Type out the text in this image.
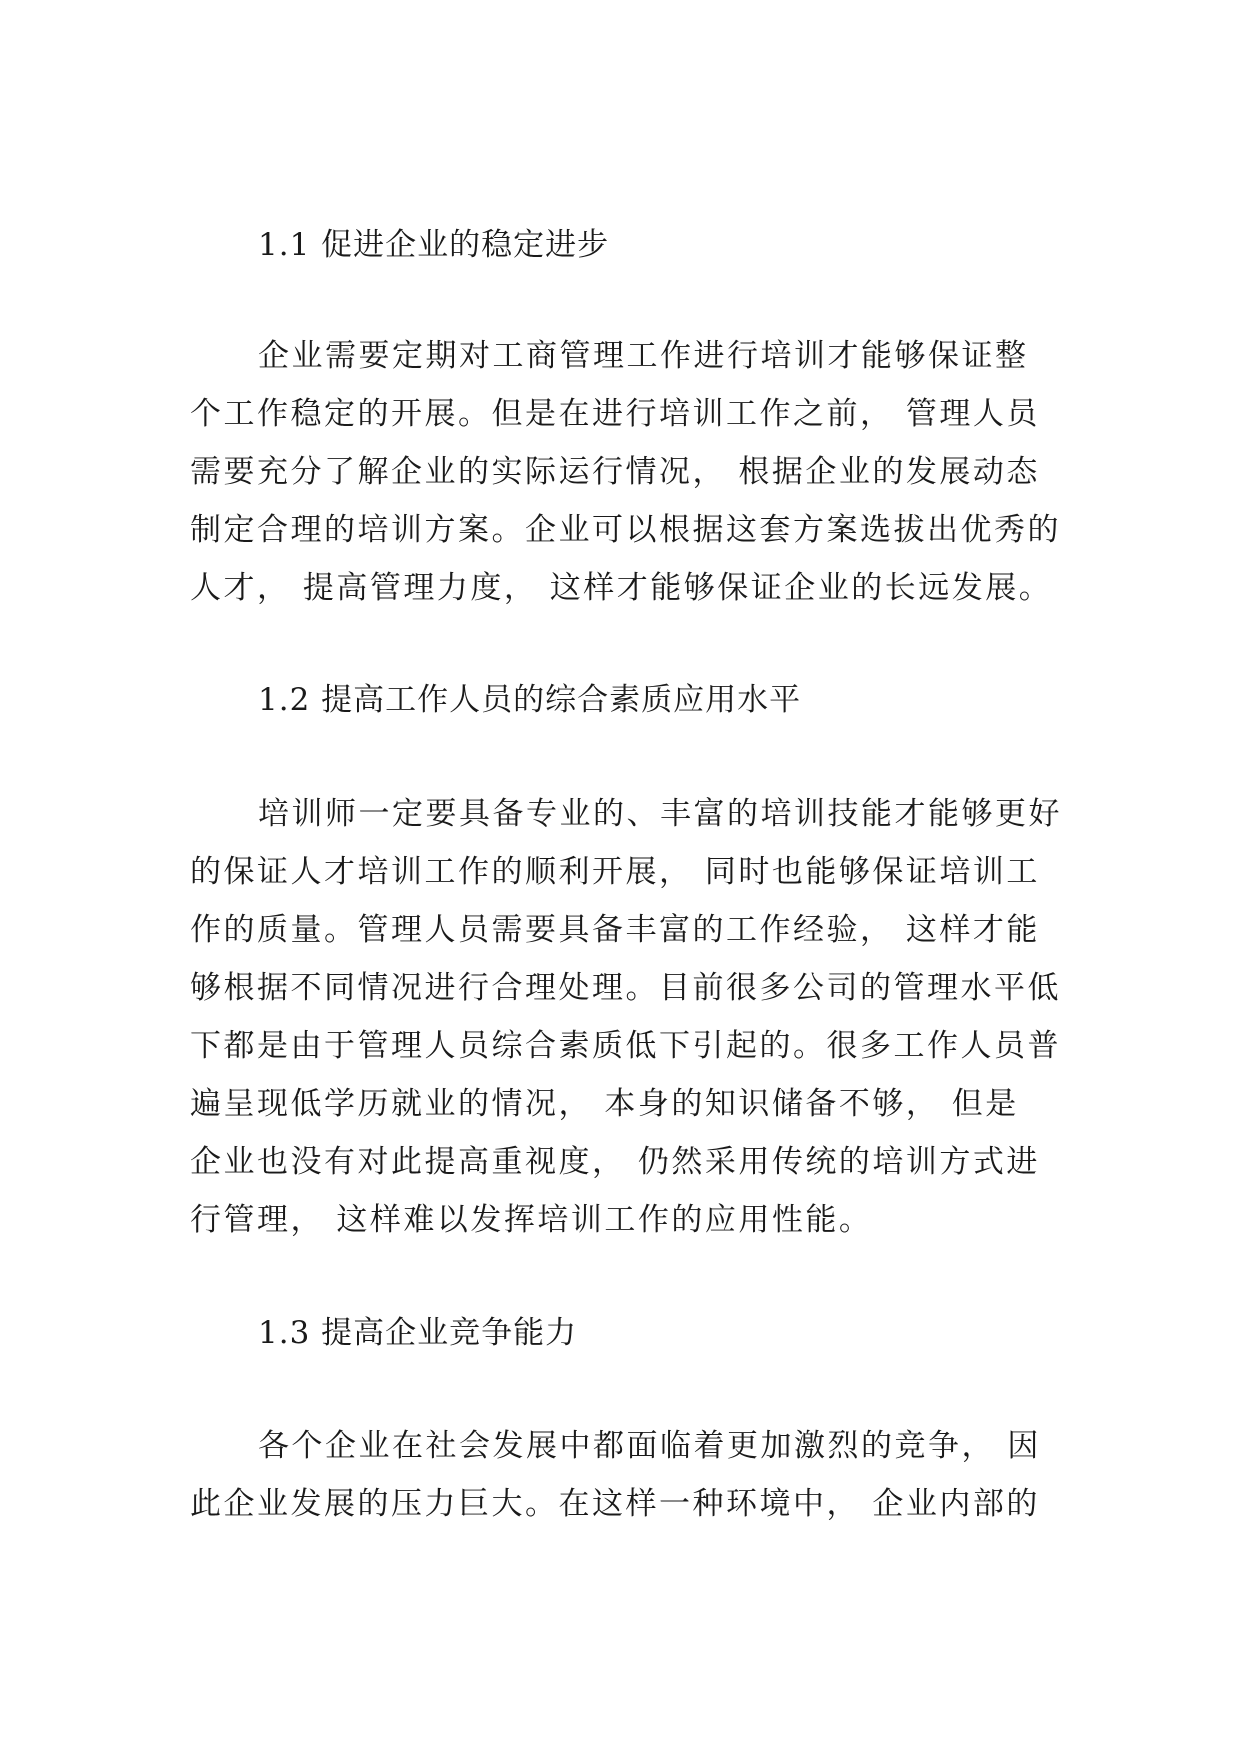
1.1 促进企业的稳定进步
企业需要定期对工商管理工作进行培训才能够保证整
个工作稳定的开展。但是在进行培训工作之前， 管理人员
需要充分了解企业的实际运行情况， 根据企业的发展动态
制定合理的培训方案。企业可以根据这套方案选拔出优秀的
人才， 提高管理力度， 这样才能够保证企业的长远发展。
1.2 提高工作人员的综合素质应用水平
培训师一定要具备专业的、丰富的培训技能才能够更好
的保证人才培训工作的顺利开展， 同时也能够保证培训工
作的质量。管理人员需要具备丰富的工作经验， 这样才能
够根据不同情况进行合理处理。目前很多公司的管理水平低
下都是由于管理人员综合素质低下引起的。很多工作人员普
遍呈现低学历就业的情况， 本身的知识储备不够， 但是
企业也没有对此提高重视度， 仍然采用传统的培训方式进
行管理， 这样难以发挥培训工作的应用性能。
1.3 提高企业竞争能力
各个企业在社会发展中都面临着更加激烈的竞争， 因
此企业发展的压力巨大。在这样一种环境中， 企业内部的
